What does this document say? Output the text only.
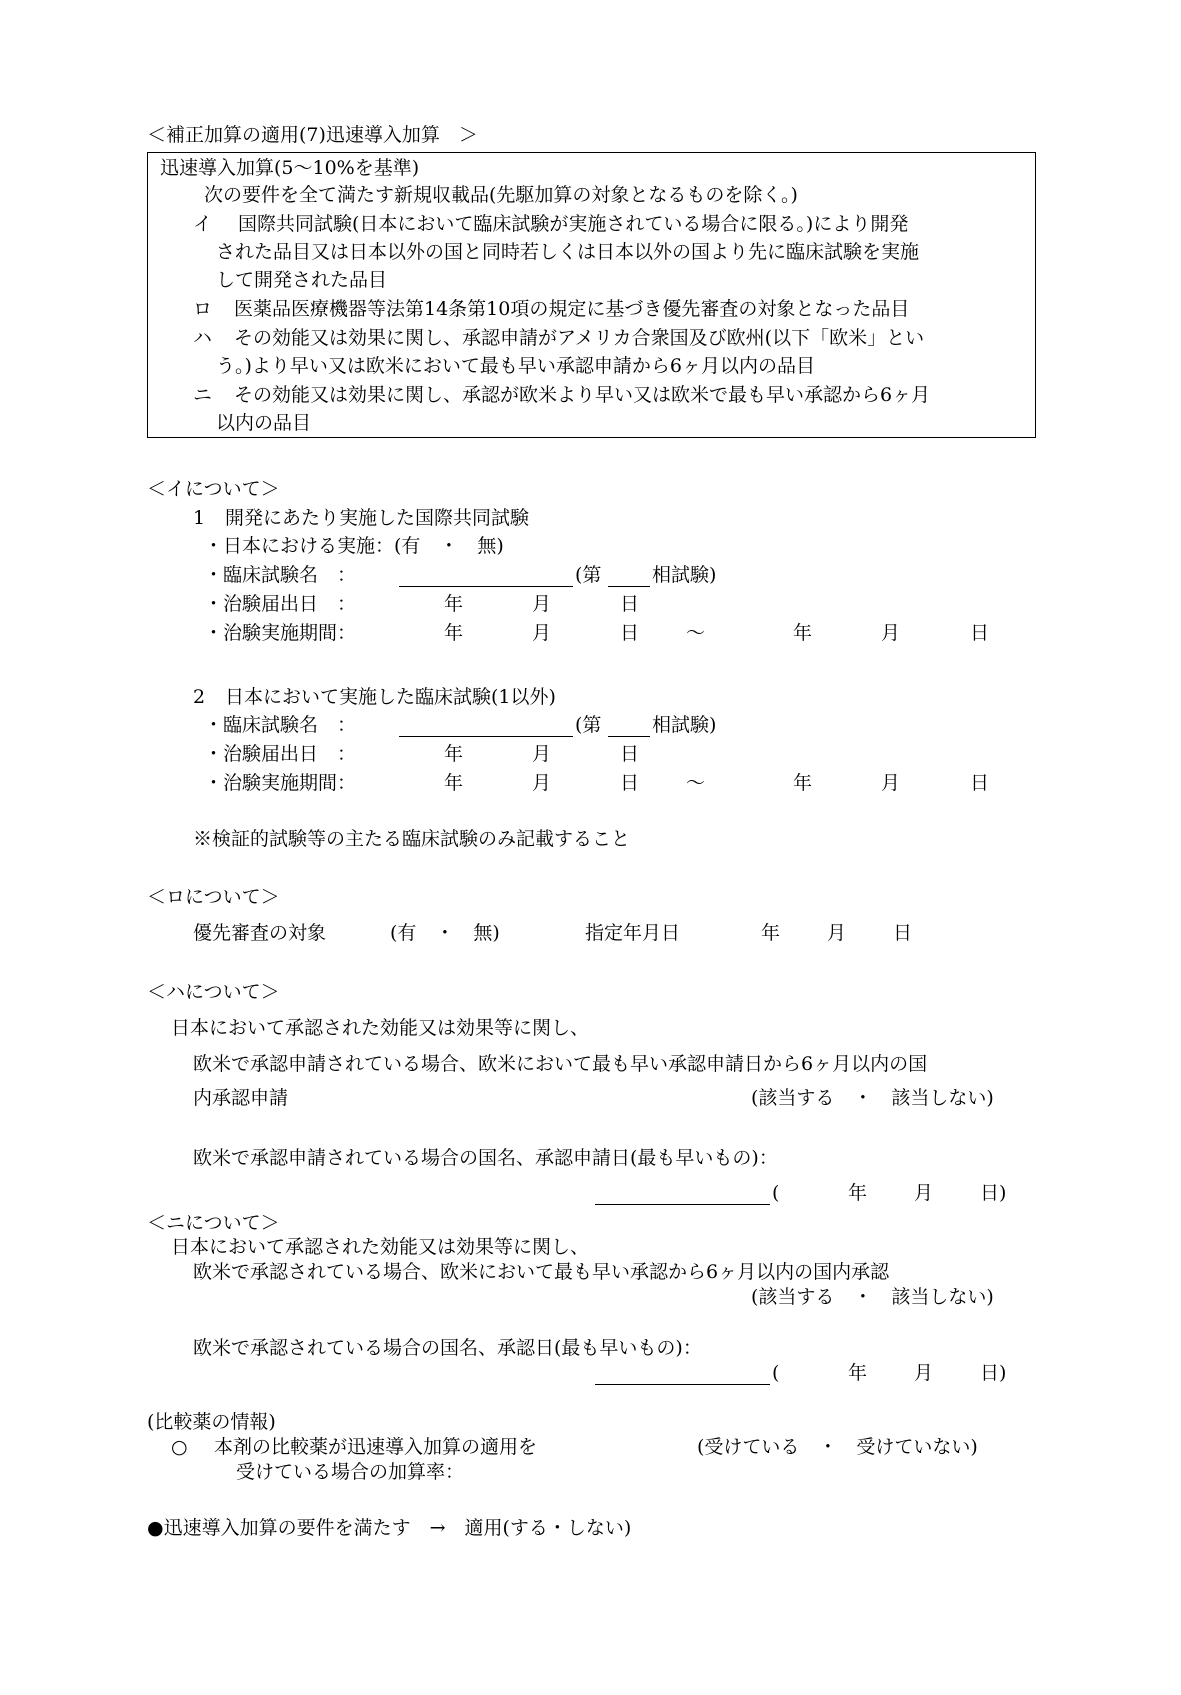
＜補正加算の適用(7)迅速導入加算　＞
迅速導入加算(5～10%を基準)
次の要件を全て満たす新規収載品(先駆加算の対象となるものを除く。)
イ 国際共同試験(日本において臨床試験が実施されている場合に限る。)により開発
された品目又は日本以外の国と同時若しくは日本以外の国より先に臨床試験を実施
して開発された品目
ロ 医薬品医療機器等法第14条第10項の規定に基づき優先審査の対象となった品目
ハ その効能又は効果に関し、承認申請がアメリカ合衆国及び欧州(以下「欧米」とい
う。)より早い又は欧米において最も早い承認申請から6ヶ月以内の品目
ニ その効能又は効果に関し、承認が欧米より早い又は欧米で最も早い承認から6ヶ月
以内の品目
＜イについて＞
1 開発にあたり実施した国際共同試験
・日本における実施：(有　・　無)
・臨床試験名　：	(第	相試験)
・治験届出日　：	年	月	日
・治験実施期間：	年	月	日 ～	年	月	日
2 日本において実施した臨床試験(1以外)
・臨床試験名　：	(第	相試験)
・治験届出日　：	年	月	日
・治験実施期間：	年	月	日 ～	年	月	日
※検証的試験等の主たる臨床試験のみ記載すること
＜ロについて＞
優先審査の対象	(有　・　無)	指定年月日	年 月 日
＜ハについて＞
日本において承認された効能又は効果等に関し、
欧米で承認申請されている場合、欧米において最も早い承認申請日から6ヶ月以内の国
内承認申請	(該当する　・　該当しない)
欧米で承認申請されている場合の国名、承認申請日(最も早いもの)：
(	年 月 日)
＜ニについて＞
日本において承認された効能又は効果等に関し、
欧米で承認されている場合、欧米において最も早い承認から6ヶ月以内の国内承認
(該当する　・　該当しない)
欧米で承認されている場合の国名、承認日(最も早いもの)：
(	年 月 日)
(比較薬の情報)
○ 本剤の比較薬が迅速導入加算の適用を	(受けている　・　受けていない)
受けている場合の加算率：
●迅速導入加算の要件を満たす　→　適用(する・しない)
